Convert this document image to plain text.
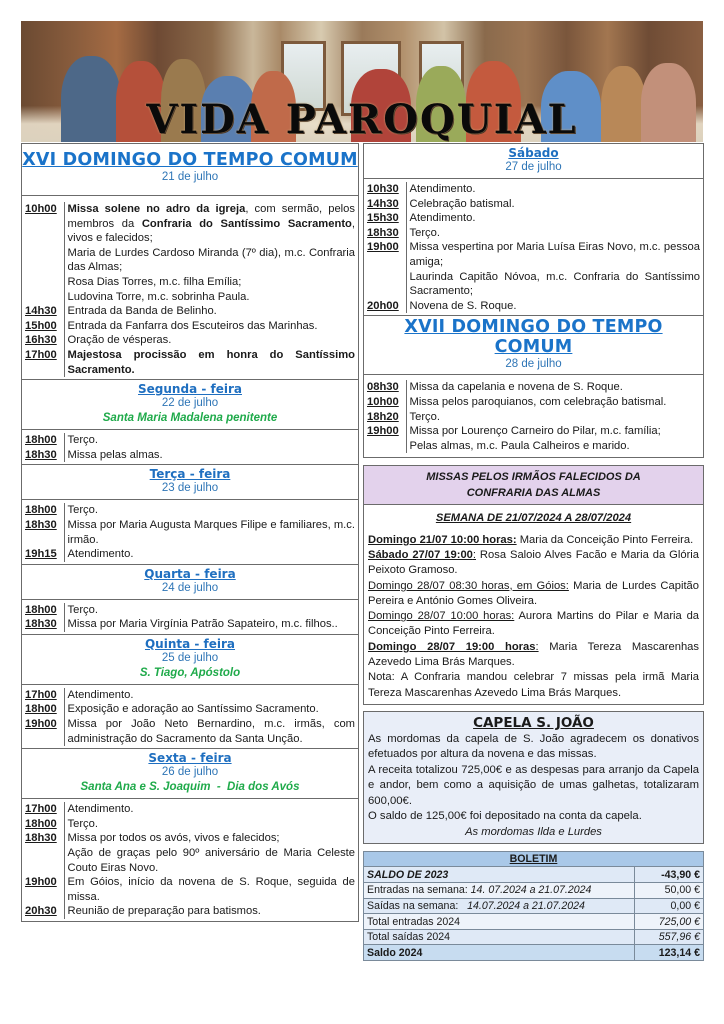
VIDA PAROQUIAL
XVI DOMINGO DO TEMPO COMUM
21 de julho
10h00	Missa solene no adro da igreja, com sermão, pelos membros da Confraria do Santíssimo Sacramento, vivos e falecidos;
	Maria de Lurdes Cardoso Miranda (7º dia), m.c. Confraria das Almas;
	Rosa Dias Torres, m.c. filha Emília;
	Ludovina Torre, m.c. sobrinha Paula.
14h30	Entrada da Banda de Belinho.
15h00	Entrada da Fanfarra dos Escuteiros das Marinhas.
16h30	Oração de vésperas.
17h00	Majestosa procissão em honra do Santíssimo Sacramento.
Segunda - feira
22 de julho
Santa Maria Madalena penitente
18h00	Terço.
18h30	Missa pelas almas.
Terça - feira
23 de julho
18h00	Terço.
18h30	Missa por Maria Augusta Marques Filipe e familiares, m.c. irmão.
19h15	Atendimento.
Quarta - feira
24 de julho
18h00	Terço.
18h30	Missa por Maria Virgínia Patrão Sapateiro, m.c. filhos..
Quinta - feira
25 de julho
S. Tiago, Apóstolo
17h00	Atendimento.
18h00	Exposição e adoração ao Santíssimo Sacramento.
19h00	Missa por João Neto Bernardino, m.c. irmãs, com administração do Sacramento da Santa Unção.
Sexta - feira
26 de julho
Santa Ana e S. Joaquim  -  Dia dos Avós
17h00	Atendimento.
18h00	Terço.
18h30	Missa por todos os avós, vivos e falecidos;
	Ação de graças pelo 90º aniversário de Maria Celeste Couto Eiras Novo.
19h00	Em Góios, início da novena de S. Roque, seguida de missa.
20h30	Reunião de preparação para batismos.
Sábado
27 de julho
10h30	Atendimento.
14h30	Celebração batismal.
15h30	Atendimento.
18h30	Terço.
19h00	Missa vespertina por Maria Luísa Eiras Novo, m.c. pessoa amiga;
	Laurinda Capitão Nóvoa, m.c. Confraria do Santíssimo Sacramento;
20h00	Novena de S. Roque.
XVII DOMINGO DO TEMPO COMUM
28 de julho
08h30	Missa da capelania e novena de S. Roque.
10h00	Missa pelos paroquianos, com celebração batismal.
18h20	Terço.
19h00	Missa por Lourenço Carneiro do Pilar, m.c. família;
	Pelas almas, m.c. Paula Calheiros e marido.
MISSAS PELOS IRMÃOS FALECIDOS DA
CONFRARIA DAS ALMAS
SEMANA DE 21/07/2024 A 28/07/2024
Domingo 21/07 10:00 horas: Maria da Conceição Pinto Ferreira.
Sábado 27/07 19:00: Rosa Saloio Alves Facão e Maria da Glória Peixoto Gramoso.
Domingo 28/07 08:30 horas, em Góios: Maria de Lurdes Capitão Pereira e António Gomes Oliveira.
Domingo 28/07 10:00 horas: Aurora Martins do Pilar e Maria da Conceição Pinto Ferreira.
Domingo 28/07 19:00 horas: Maria Tereza Mascarenhas Azevedo Lima Brás Marques.
Nota: A Confraria mandou celebrar 7 missas pela irmã Maria Tereza Mascarenhas Azevedo Lima Brás Marques.
CAPELA S. JOÃO
As mordomas da capela de S. João agradecem os donativos efetuados por altura da novena e das missas.
A receita totalizou 725,00€ e as despesas para arranjo da Capela e andor, bem como a aquisição de umas galhetas, totalizaram 600,00€.
O saldo de 125,00€ foi depositado na conta da capela.
As mordomas Ilda e Lurdes
BOLETIM	
SALDO DE 2023	-43,90 €
Entradas na semana: 14. 07.2024 a 21.07.2024	50,00 €
Saídas na semana:   14.07.2024 a 21.07.2024	0,00 €
Total entradas 2024	725,00 €
Total saídas 2024	557,96 €
Saldo 2024	123,14 €
